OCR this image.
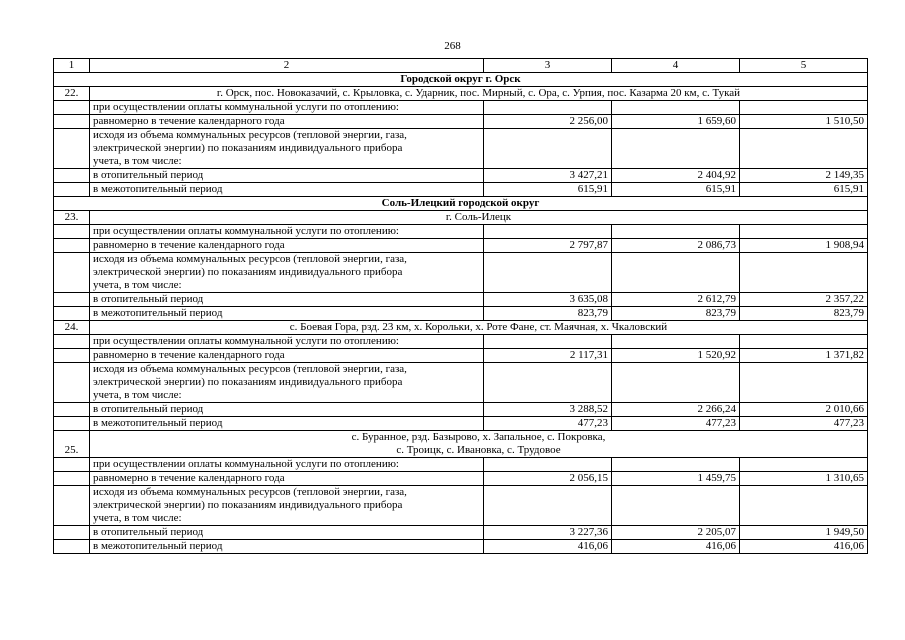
268
1	2	3	4	5
Городской округ г. Орск				
22.	г. Орск, пос. Новоказачий, с. Крыловка, с. Ударник, пос. Мирный, с. Ора, с. Урпия, пос. Казарма 20 км, с. Тукай			
	при осуществлении оплаты коммунальной услуги по отоплению:			
	равномерно в течение календарного года	2 256,00	1 659,60	1 510,50
	исходя из объема коммунальных ресурсов (тепловой энергии, газа,
электрической энергии) по показаниям индивидуального прибора
учета, в том числе:			
	в отопительный период	3 427,21	2 404,92	2 149,35
	в межотопительный период	615,91	615,91	615,91
Соль-Илецкий городской округ				
23.	г. Соль-Илецк			
	при осуществлении оплаты коммунальной услуги по отоплению:			
	равномерно в течение календарного года	2 797,87	2 086,73	1 908,94
	исходя из объема коммунальных ресурсов (тепловой энергии, газа,
электрической энергии) по показаниям индивидуального прибора
учета, в том числе:			
	в отопительный период	3 635,08	2 612,79	2 357,22
	в межотопительный период	823,79	823,79	823,79
24.	с. Боевая Гора, рзд. 23 км, х. Корольки, х. Роте Фане, ст. Маячная, х. Чкаловский			
	при осуществлении оплаты коммунальной услуги по отоплению:			
	равномерно в течение календарного года	2 117,31	1 520,92	1 371,82
	исходя из объема коммунальных ресурсов (тепловой энергии, газа,
электрической энергии) по показаниям индивидуального прибора
учета, в том числе:			
	в отопительный период	3 288,52	2 266,24	2 010,66
	в межотопительный период	477,23	477,23	477,23
25.	с. Буранное, рзд. Базырово, х. Запальное, с. Покровка,
с. Троицк, с. Ивановка, с. Трудовое			
	при осуществлении оплаты коммунальной услуги по отоплению:			
	равномерно в течение календарного года	2 056,15	1 459,75	1 310,65
	исходя из объема коммунальных ресурсов (тепловой энергии, газа,
электрической энергии) по показаниям индивидуального прибора
учета, в том числе:			
	в отопительный период	3 227,36	2 205,07	1 949,50
	в межотопительный период	416,06	416,06	416,06
